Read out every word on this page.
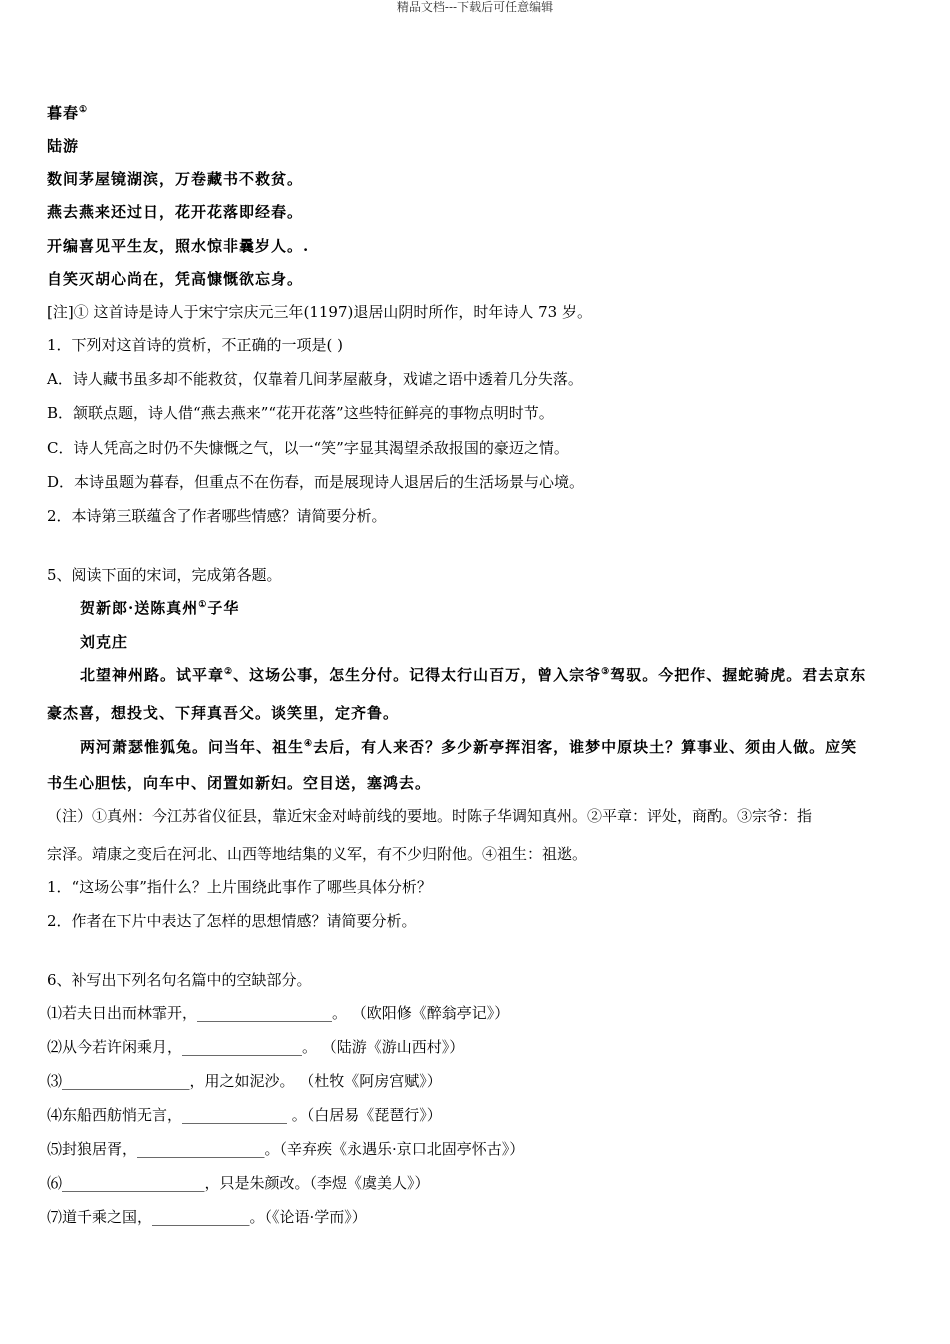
精品文档---下载后可任意编辑
暮春①
陆游
数间茅屋镜湖滨，万卷藏书不救贫。
燕去燕来还过日，花开花落即经春。
开编喜见平生友，照水惊非曩岁人。.
自笑灭胡心尚在，凭高慷慨欲忘身。
[注]① 这首诗是诗人于宋宁宗庆元三年(1197)退居山阴时所作，时年诗人 73 岁。
1．下列对这首诗的赏析，不正确的一项是( )
A．诗人藏书虽多却不能救贫，仅靠着几间茅屋蔽身，戏谑之语中透着几分失落。
B．颔联点题，诗人借“燕去燕来”“花开花落”这些特征鲜亮的事物点明时节。
C．诗人凭高之时仍不失慷慨之气，以一“笑”字显其渴望杀敌报国的豪迈之情。
D．本诗虽题为暮春，但重点不在伤春，而是展现诗人退居后的生活场景与心境。
2．本诗第三联蕴含了作者哪些情感？请简要分析。
5、阅读下面的宋词，完成第各题。
贺新郎·送陈真州①子华
刘克庄
北望神州路。试平章②、这场公事，怎生分付。记得太行山百万，曾入宗爷③驾驭。今把作、握蛇骑虎。君去京东
豪杰喜，想投戈、下拜真吾父。谈笑里，定齐鲁。
两河萧瑟惟狐兔。问当年、祖生④去后，有人来否？多少新亭挥泪客，谁梦中原块土？算事业、须由人做。应笑
书生心胆怯，向车中、闭置如新妇。空目送，塞鸿去。
（注）①真州：今江苏省仪征县，靠近宋金对峙前线的要地。时陈子华调知真州。②平章：评处，商酌。③宗爷：指
宗泽。靖康之变后在河北、山西等地结集的义军，有不少归附他。④祖生：祖逖。
1．“这场公事”指什么？上片围绕此事作了哪些具体分析？
2．作者在下片中表达了怎样的思想情感？请简要分析。
6、补写出下列名句名篇中的空缺部分。
⑴若夫日出而林霏开，__________________。 （欧阳修《醉翁亭记》）
⑵从今若许闲乘月，________________。 （陆游《游山西村》）
⑶_________________，用之如泥沙。 （杜牧《阿房宫赋》）
⑷东船西舫悄无言，______________ 。（白居易《琵琶行》）
⑸封狼居胥，_________________。（辛弃疾《永遇乐·京口北固亭怀古》）
⑹___________________，只是朱颜改。（李煜《虞美人》）
⑺道千乘之国，_____________。（《论语·学而》）
